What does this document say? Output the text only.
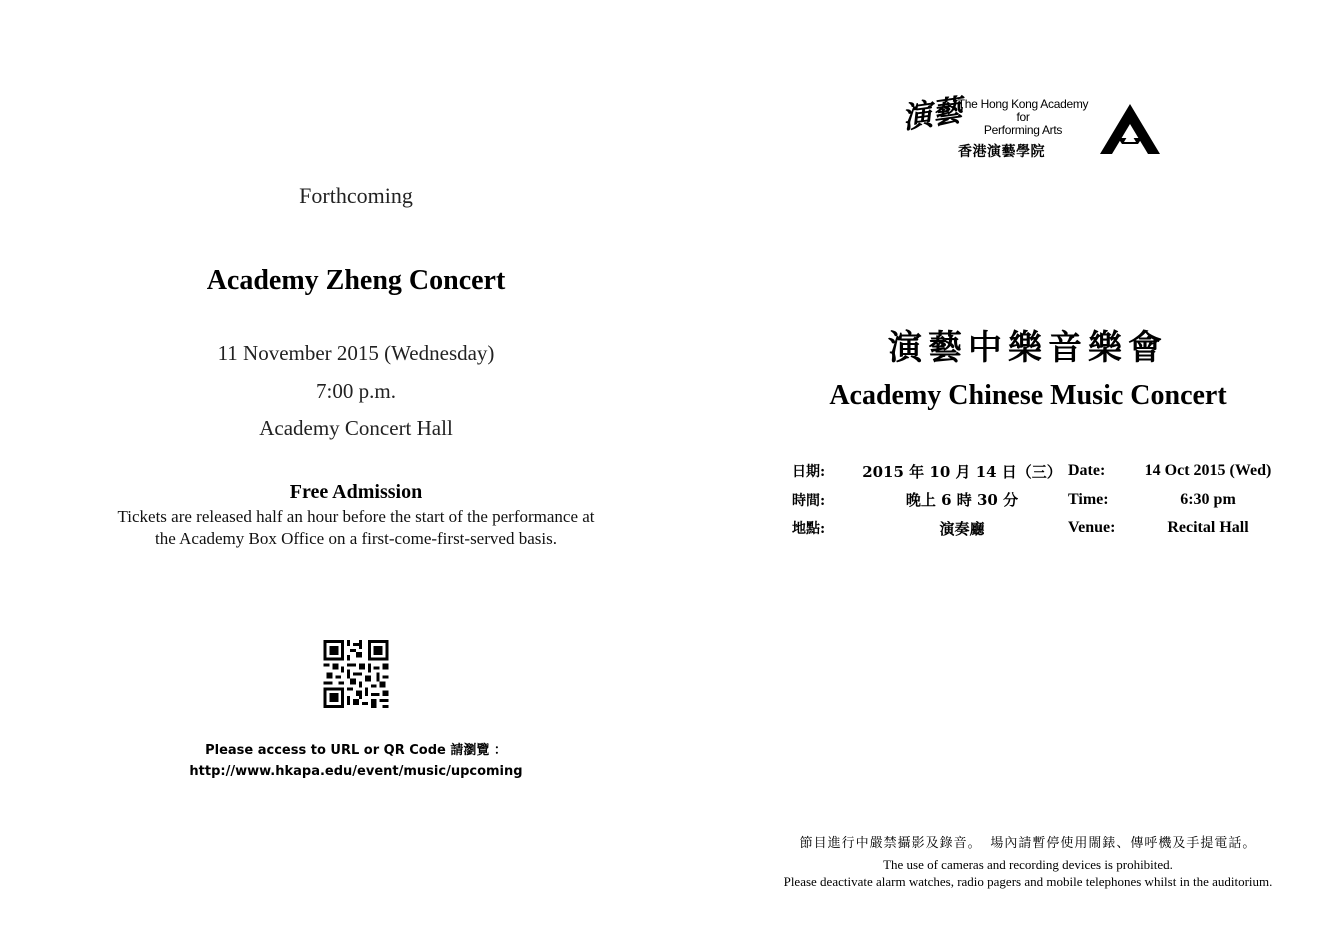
Forthcoming
Academy Zheng Concert
11 November 2015 (Wednesday)
7:00 p.m.
Academy Concert Hall
Free Admission
Tickets are released half an hour before the start of the performance at
the Academy Box Office on a first-come-first-served basis.
Please access to URL or QR Code 請瀏覽 ：
http://www.hkapa.edu/event/music/upcoming
演藝
The Hong Kong Academy
for
Performing Arts
香港演藝學院
演藝中樂音樂會
Academy Chinese Music Concert
日期:	2015 年 10 月 14 日（三）	Date:	14 Oct 2015 (Wed)
時間:	晚上 6 時 30 分	Time:	6:30 pm
地點:	演奏廳	Venue:	Recital Hall
節目進行中嚴禁攝影及錄音。 場內請暫停使用閙錶、傳呼機及手提電話。
The use of cameras and recording devices is prohibited.
Please deactivate alarm watches, radio pagers and mobile telephones whilst in the auditorium.
